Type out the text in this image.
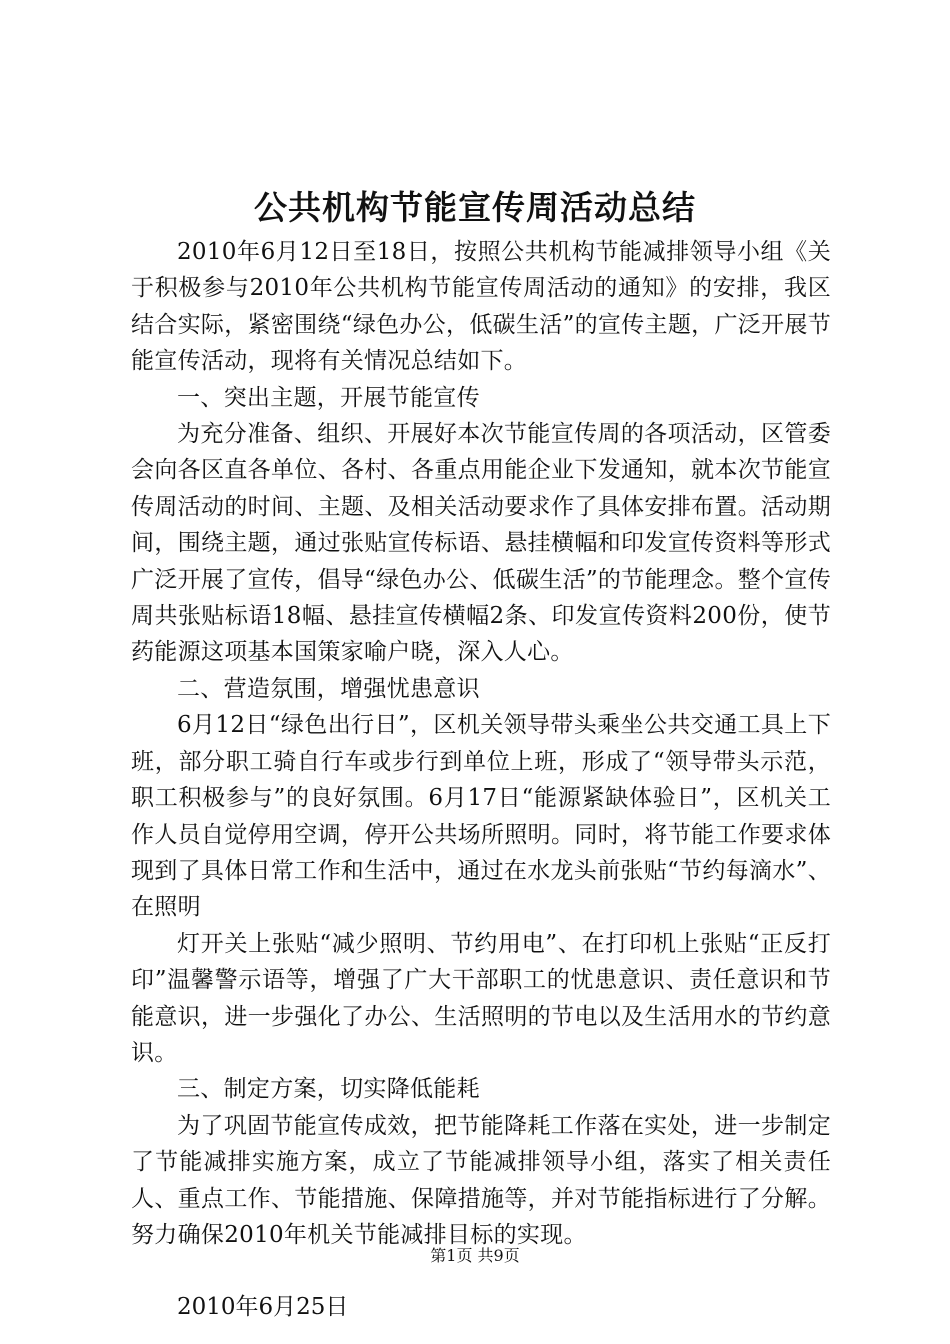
公共机构节能宣传周活动总结

2010年6月12日至18日，按照公共机构节能减排领导小组《关于积极参与2010年公共机构节能宣传周活动的通知》的安排，我区结合实际，紧密围绕“绿色办公，低碳生活”的宣传主题，广泛开展节能宣传活动，现将有关情况总结如下。

一、突出主题，开展节能宣传

为充分准备、组织、开展好本次节能宣传周的各项活动，区管委会向各区直各单位、各村、各重点用能企业下发通知，就本次节能宣传周活动的时间、主题、及相关活动要求作了具体安排布置。活动期间，围绕主题，通过张贴宣传标语、悬挂横幅和印发宣传资料等形式广泛开展了宣传，倡导“绿色办公、低碳生活”的节能理念。整个宣传周共张贴标语18幅、悬挂宣传横幅2条、印发宣传资料200份，使节药能源这项基本国策家喻户晓，深入人心。

二、营造氛围，增强忧患意识

6月12日“绿色出行日”，区机关领导带头乘坐公共交通工具上下班，部分职工骑自行车或步行到单位上班，形成了“领导带头示范，职工积极参与”的良好氛围。6月17日“能源紧缺体验日”，区机关工作人员自觉停用空调，停开公共场所照明。同时，将节能工作要求体现到了具体日常工作和生活中，通过在水龙头前张贴“节约每滴水”、在照明

灯开关上张贴“减少照明、节约用电”、在打印机上张贴“正反打印”温馨警示语等，增强了广大干部职工的忧患意识、责任意识和节能意识，进一步强化了办公、生活照明的节电以及生活用水的节约意识。

三、制定方案，切实降低能耗

为了巩固节能宣传成效，把节能降耗工作落在实处，进一步制定了节能减排实施方案，成立了节能减排领导小组，落实了相关责任人、重点工作、节能措施、保障措施等，并对节能指标进行了分解。努力确保2010年机关节能减排目标的实现。

2010年6月25日

第1页 共9页
